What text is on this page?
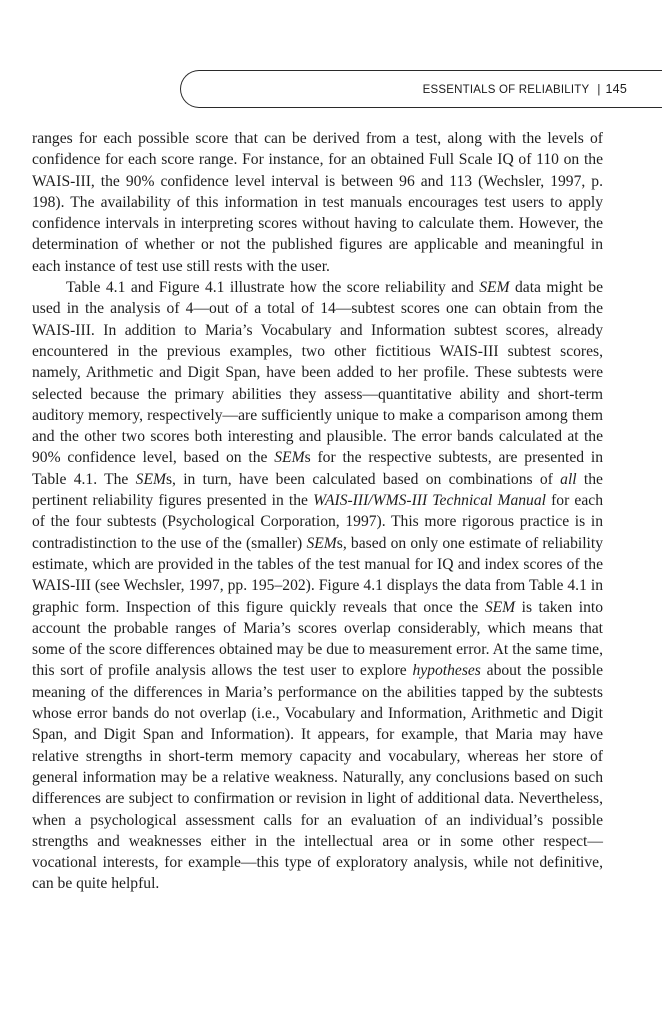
ESSENTIALS OF RELIABILITY | 145

ranges for each possible score that can be derived from a test, along with the levels of confidence for each score range. For instance, for an obtained Full Scale IQ of 110 on the WAIS-III, the 90% confidence level interval is between 96 and 113 (Wechsler, 1997, p. 198). The availability of this information in test manuals encourages test users to apply confidence intervals in interpreting scores without having to calculate them. However, the determination of whether or not the published figures are applicable and meaningful in each instance of test use still rests with the user.

Table 4.1 and Figure 4.1 illustrate how the score reliability and SEM data might be used in the analysis of 4—out of a total of 14—subtest scores one can obtain from the WAIS-III. In addition to Maria’s Vocabulary and Information subtest scores, already encountered in the previous examples, two other fictitious WAIS-III subtest scores, namely, Arithmetic and Digit Span, have been added to her profile. These subtests were selected because the primary abilities they assess—quantitative ability and short-term auditory memory, respectively—are sufficiently unique to make a comparison among them and the other two scores both interesting and plausible. The error bands calculated at the 90% confidence level, based on the SEMs for the respective subtests, are presented in Table 4.1. The SEMs, in turn, have been calculated based on combinations of all the pertinent reliability figures presented in the WAIS-III/WMS-III Technical Manual for each of the four subtests (Psychological Corporation, 1997). This more rigorous practice is in contradistinction to the use of the (smaller) SEMs, based on only one estimate of reliability estimate, which are provided in the tables of the test manual for IQ and index scores of the WAIS-III (see Wechsler, 1997, pp. 195–202). Figure 4.1 displays the data from Table 4.1 in graphic form. Inspection of this figure quickly reveals that once the SEM is taken into account the probable ranges of Maria’s scores overlap considerably, which means that some of the score differences obtained may be due to measurement error. At the same time, this sort of profile analysis allows the test user to explore hypotheses about the possible meaning of the differences in Maria’s performance on the abilities tapped by the subtests whose error bands do not overlap (i.e., Vocabulary and Information, Arithmetic and Digit Span, and Digit Span and Information). It appears, for example, that Maria may have relative strengths in short-term memory capacity and vocabulary, whereas her store of general information may be a relative weakness. Naturally, any conclusions based on such differences are subject to confirmation or revision in light of additional data. Nevertheless, when a psychological assessment calls for an evaluation of an individual’s possible strengths and weaknesses either in the intellectual area or in some other respect—vocational interests, for example—this type of exploratory analysis, while not definitive, can be quite helpful.
